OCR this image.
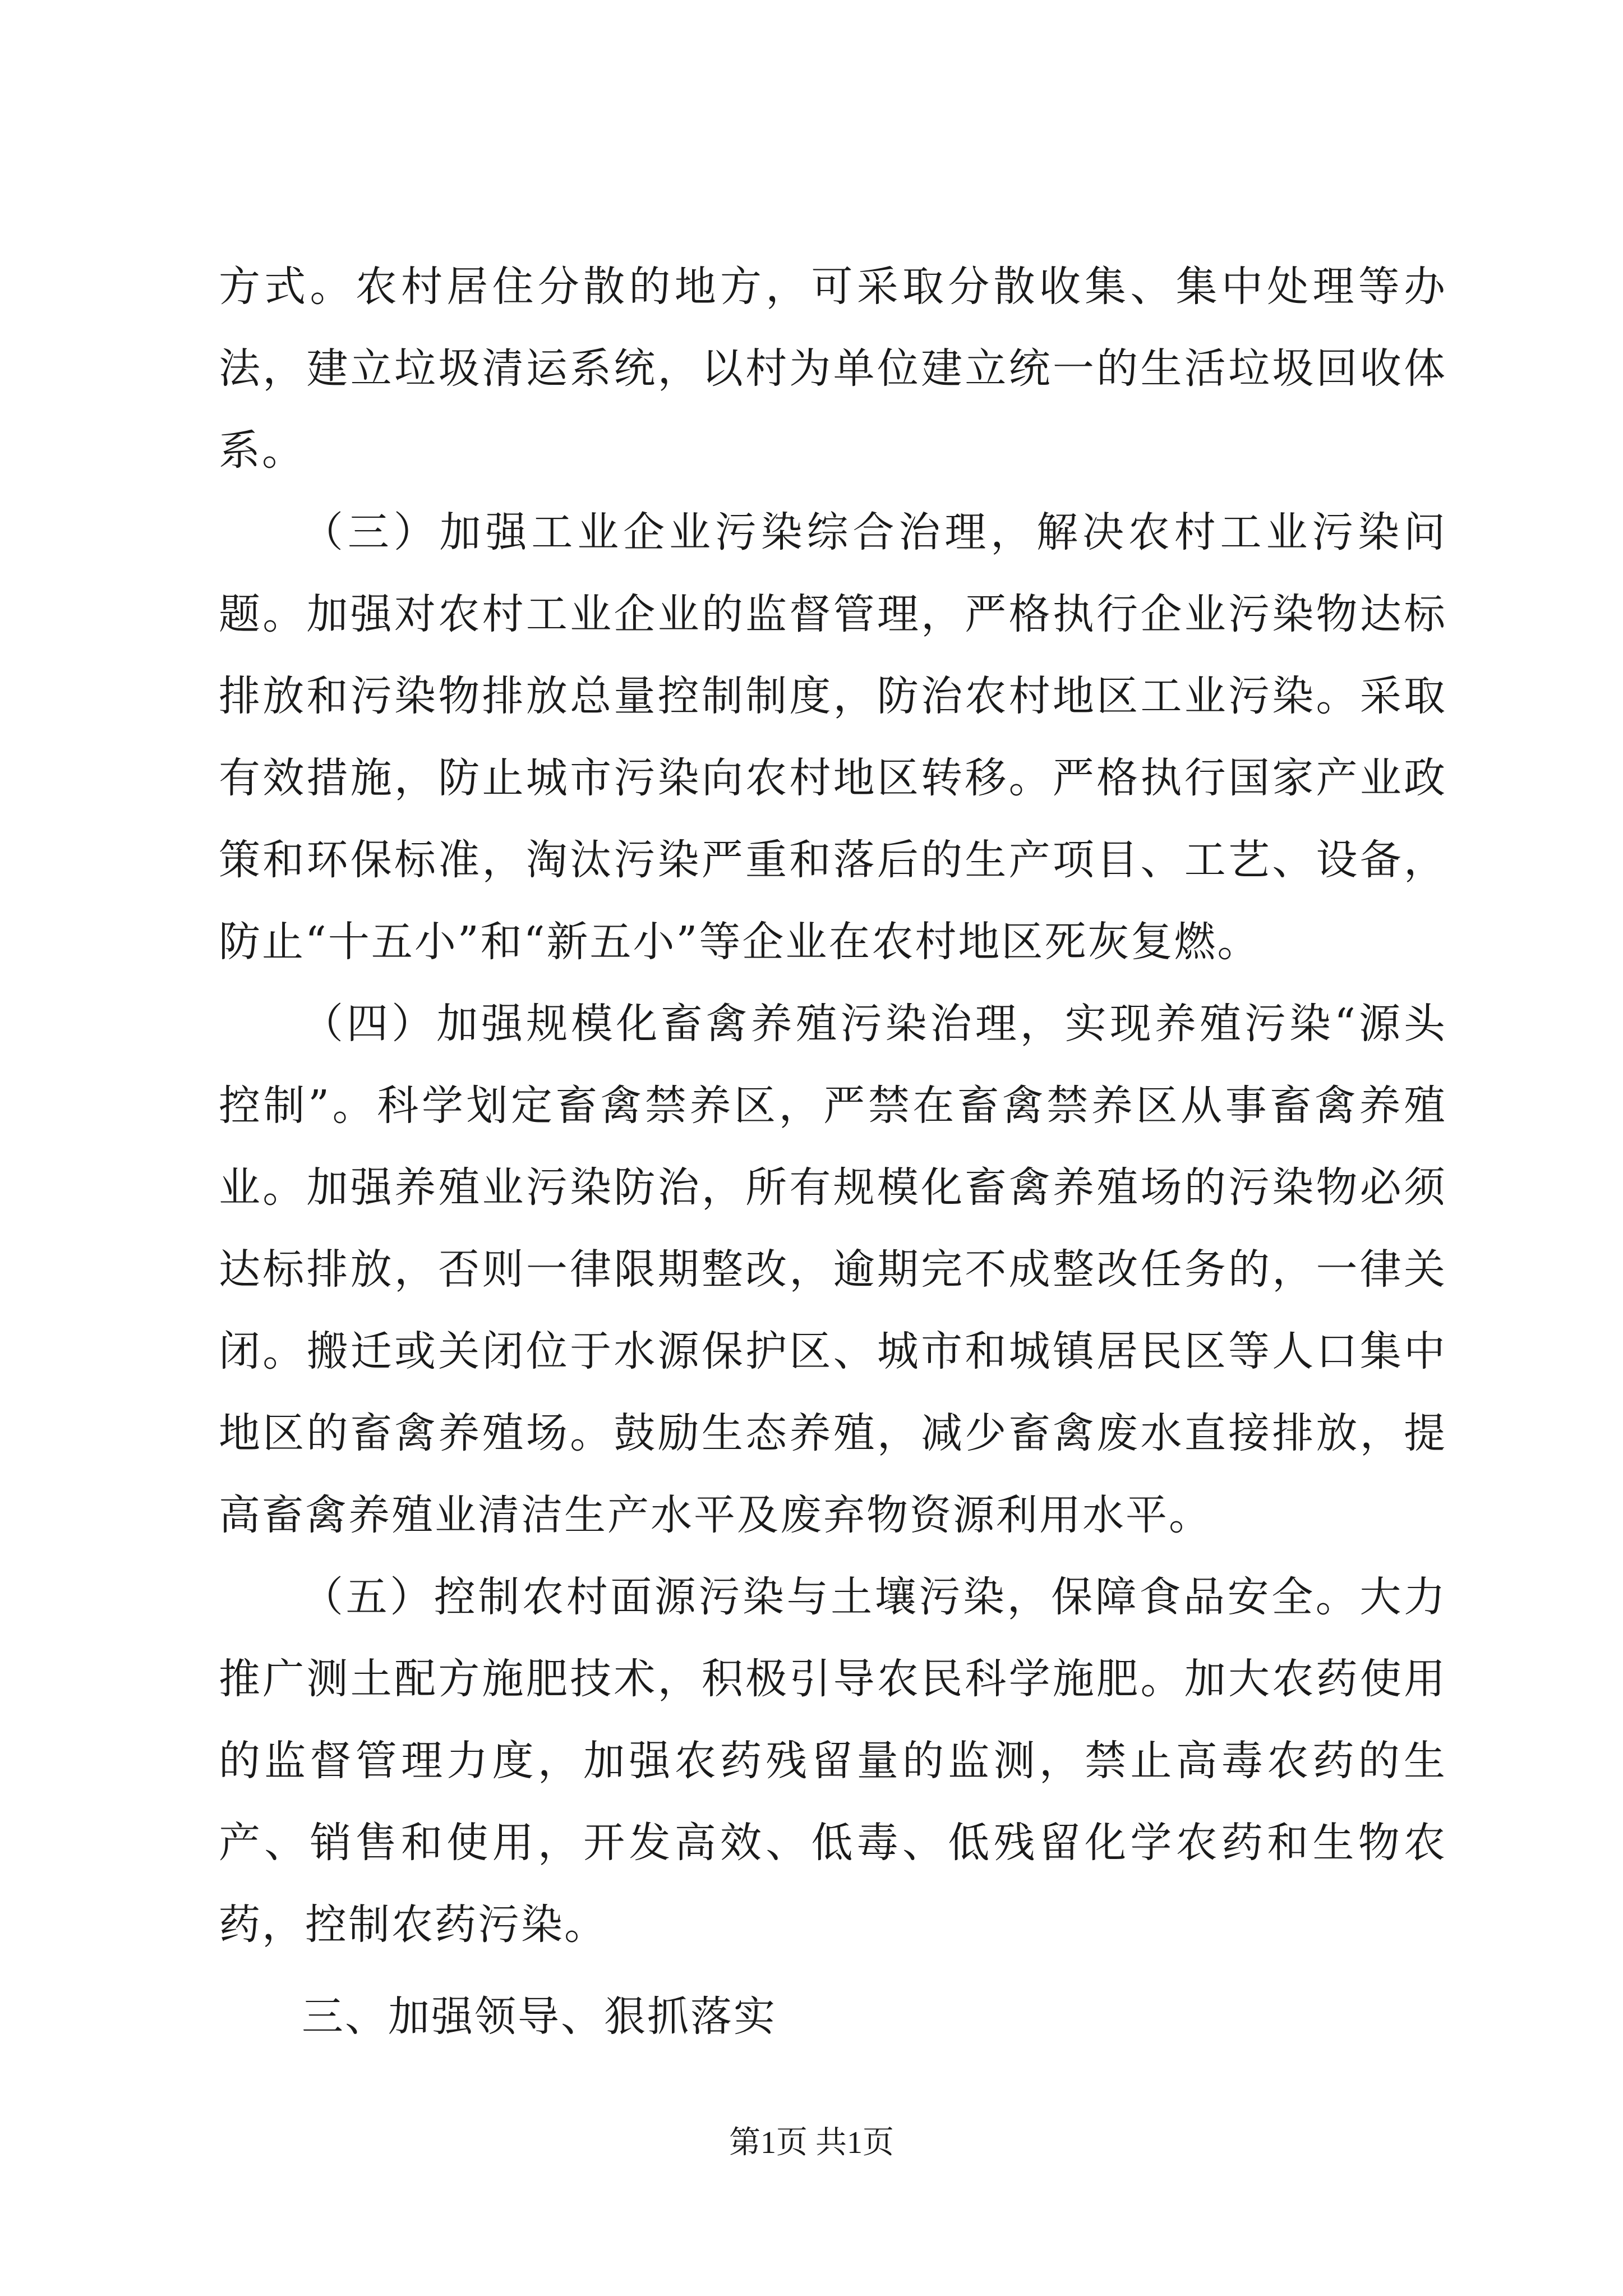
方式。农村居住分散的地方，可采取分散收集、集中处理等办法，建立垃圾清运系统，以村为单位建立统一的生活垃圾回收体系。

（三）加强工业企业污染综合治理，解决农村工业污染问题。加强对农村工业企业的监督管理，严格执行企业污染物达标排放和污染物排放总量控制制度，防治农村地区工业污染。采取有效措施，防止城市污染向农村地区转移。严格执行国家产业政策和环保标准，淘汰污染严重和落后的生产项目、工艺、设备，防止“十五小”和“新五小”等企业在农村地区死灰复燃。

（四）加强规模化畜禽养殖污染治理，实现养殖污染“源头控制”。科学划定畜禽禁养区，严禁在畜禽禁养区从事畜禽养殖业。加强养殖业污染防治，所有规模化畜禽养殖场的污染物必须达标排放，否则一律限期整改，逾期完不成整改任务的，一律关闭。搬迁或关闭位于水源保护区、城市和城镇居民区等人口集中地区的畜禽养殖场。鼓励生态养殖，减少畜禽废水直接排放，提高畜禽养殖业清洁生产水平及废弃物资源利用水平。

（五）控制农村面源污染与土壤污染，保障食品安全。大力推广测土配方施肥技术，积极引导农民科学施肥。加大农药使用的监督管理力度，加强农药残留量的监测，禁止高毒农药的生产、销售和使用，开发高效、低毒、低残留化学农药和生物农药，控制农药污染。

三、加强领导、狠抓落实

第1页 共1页
